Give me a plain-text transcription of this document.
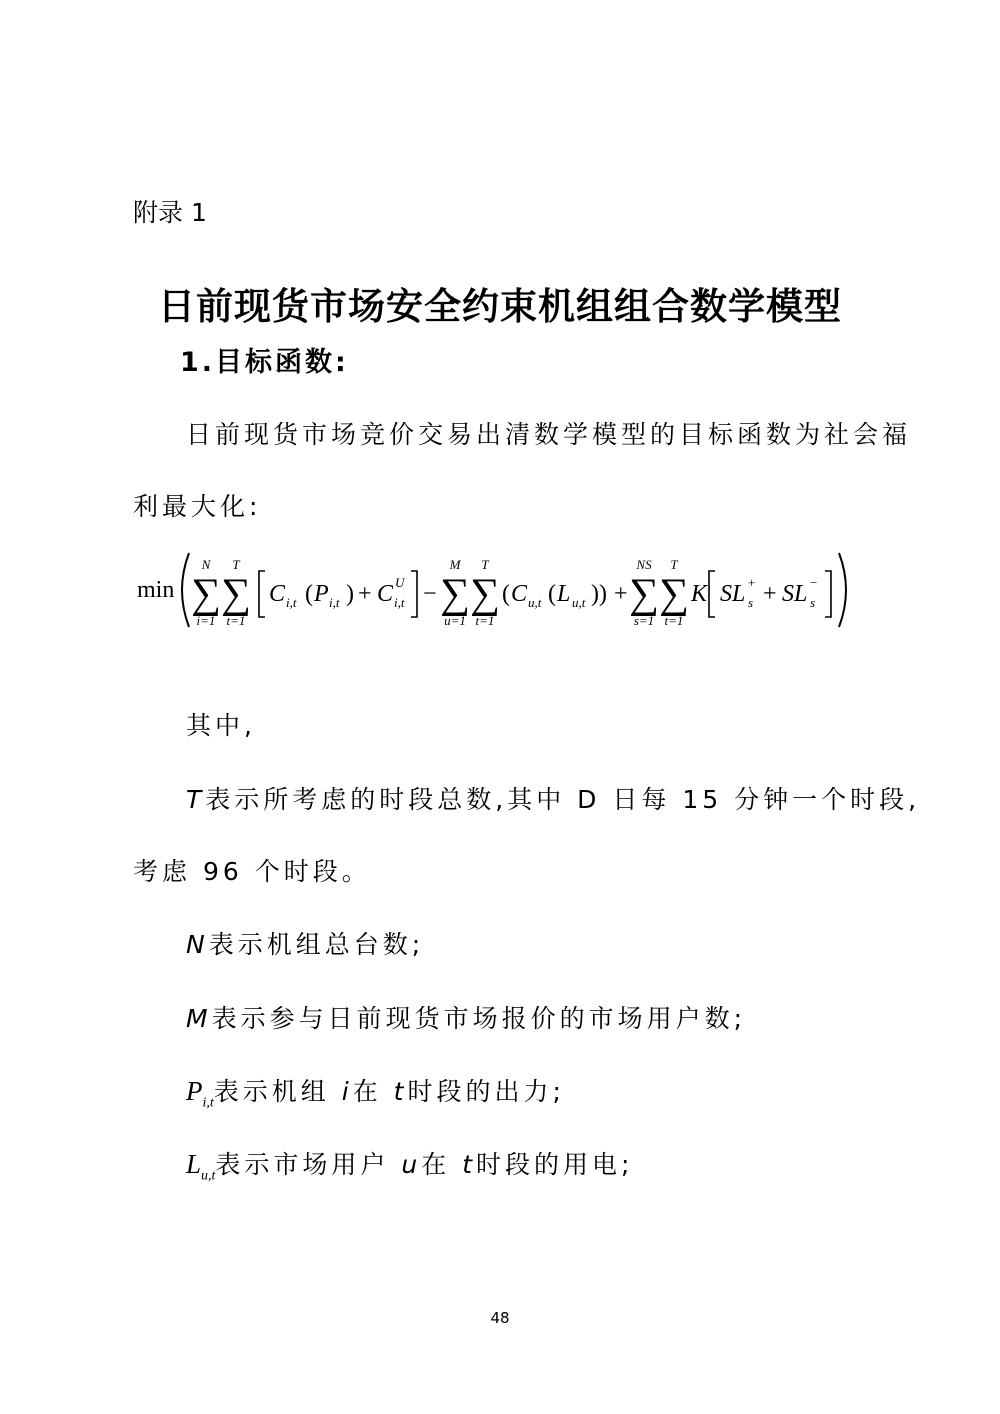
附录 1
日前现货市场安全约束机组组合数学模型
1.目标函数:
日前现货市场竞价交易出清数学模型的目标函数为社会福
利最大化:
min
N
∑
i=1
T
∑
t=1
C i,t ( P i,t ) + C U
i,t −
M
∑
u=1
T
∑
t=1
( C u,t ( L u,t )) +
NS
∑
s=1
T
∑
t=1
K SL +
s + SL −
s
其中,
T表示所考虑的时段总数,其中 D 日每 15 分钟一个时段,
考虑 96 个时段。
N表示机组总台数;
M表示参与日前现货市场报价的市场用户数;
$P_{i,t}$表示机组 i在 t时段的出力;
$L_{u,t}$表示市场用户 u在 t时段的用电;
48
